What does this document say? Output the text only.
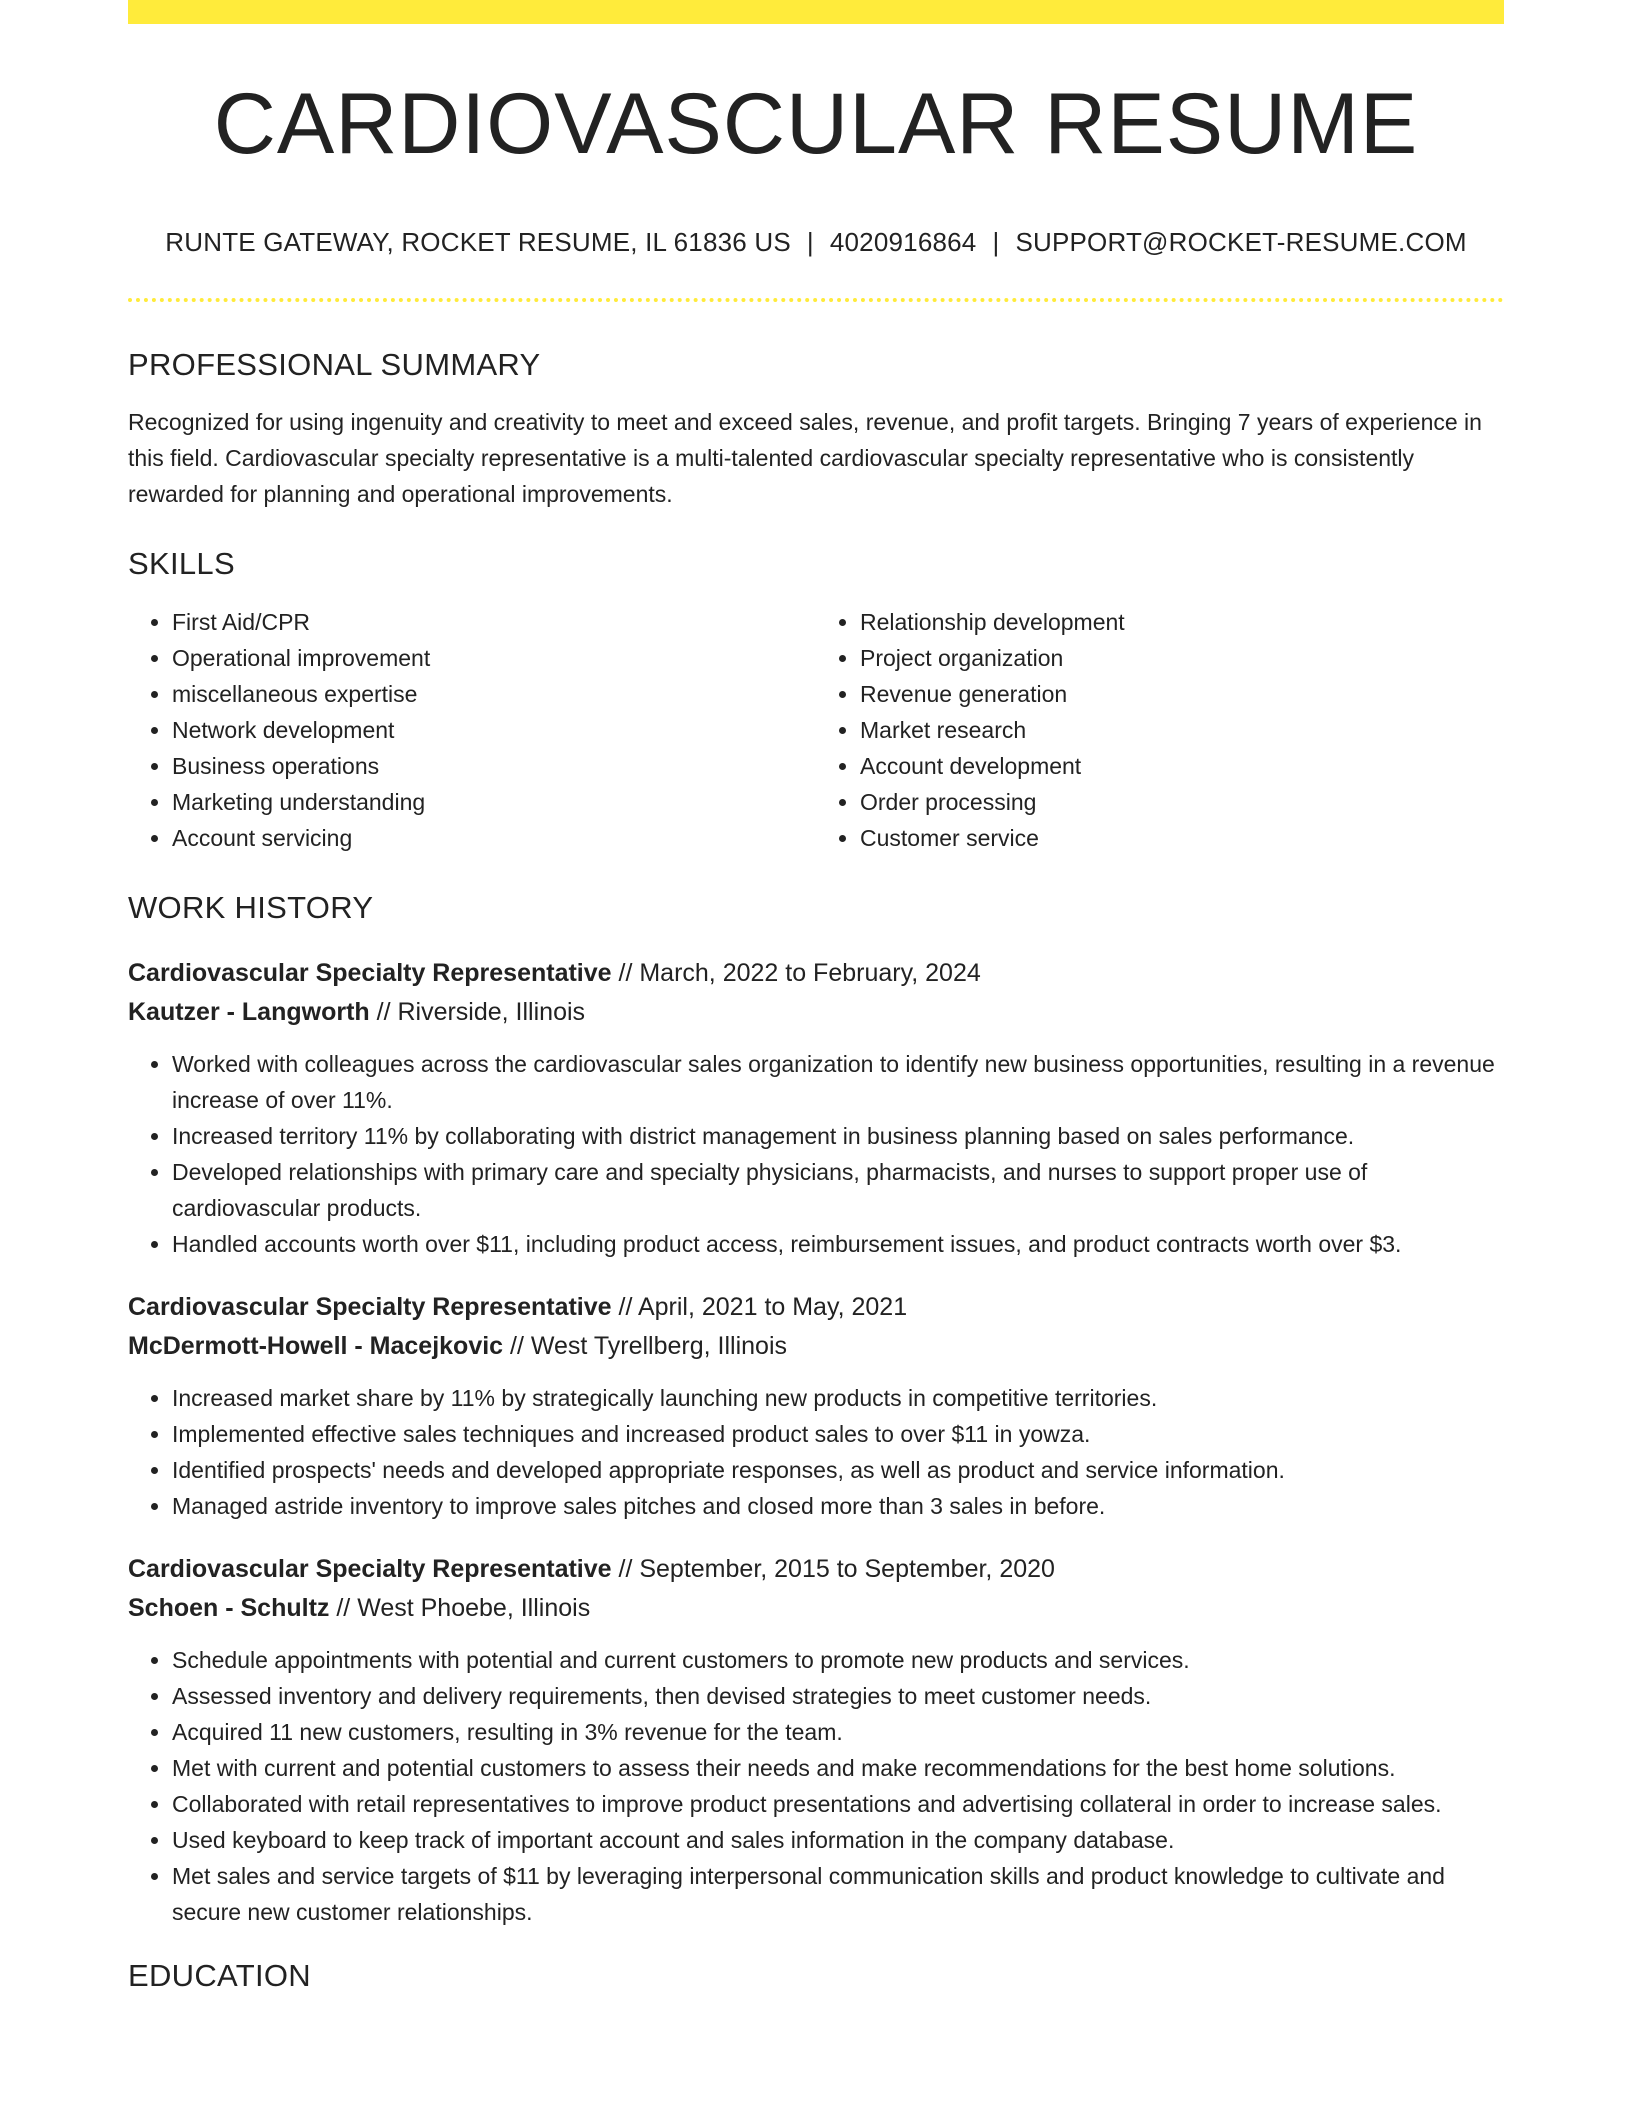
CARDIOVASCULAR RESUME
RUNTE GATEWAY, ROCKET RESUME, IL 61836 US | 4020916864 | SUPPORT@ROCKET-RESUME.COM
PROFESSIONAL SUMMARY

Recognized for using ingenuity and creativity to meet and exceed sales, revenue, and profit targets. Bringing 7 years of experience in this field. Cardiovascular specialty representative is a multi-talented cardiovascular specialty representative who is consistently rewarded for planning and operational improvements.

SKILLS
• First Aid/CPR
• Operational improvement
• miscellaneous expertise
• Network development
• Business operations
• Marketing understanding
• Account servicing
• Relationship development
• Project organization
• Revenue generation
• Market research
• Account development
• Order processing
• Customer service
WORK HISTORY
Cardiovascular Specialty Representative // March, 2022 to February, 2024
Kautzer - Langworth // Riverside, Illinois
• Worked with colleagues across the cardiovascular sales organization to identify new business opportunities, resulting in a revenue increase of over 11%.
• Increased territory 11% by collaborating with district management in business planning based on sales performance.
• Developed relationships with primary care and specialty physicians, pharmacists, and nurses to support proper use of cardiovascular products.
• Handled accounts worth over $11, including product access, reimbursement issues, and product contracts worth over $3.
Cardiovascular Specialty Representative // April, 2021 to May, 2021
McDermott-Howell - Macejkovic // West Tyrellberg, Illinois
• Increased market share by 11% by strategically launching new products in competitive territories.
• Implemented effective sales techniques and increased product sales to over $11 in yowza.
• Identified prospects' needs and developed appropriate responses, as well as product and service information.
• Managed astride inventory to improve sales pitches and closed more than 3 sales in before.
Cardiovascular Specialty Representative // September, 2015 to September, 2020
Schoen - Schultz // West Phoebe, Illinois
• Schedule appointments with potential and current customers to promote new products and services.
• Assessed inventory and delivery requirements, then devised strategies to meet customer needs.
• Acquired 11 new customers, resulting in 3% revenue for the team.
• Met with current and potential customers to assess their needs and make recommendations for the best home solutions.
• Collaborated with retail representatives to improve product presentations and advertising collateral in order to increase sales.
• Used keyboard to keep track of important account and sales information in the company database.
• Met sales and service targets of $11 by leveraging interpersonal communication skills and product knowledge to cultivate and secure new customer relationships.
EDUCATION
